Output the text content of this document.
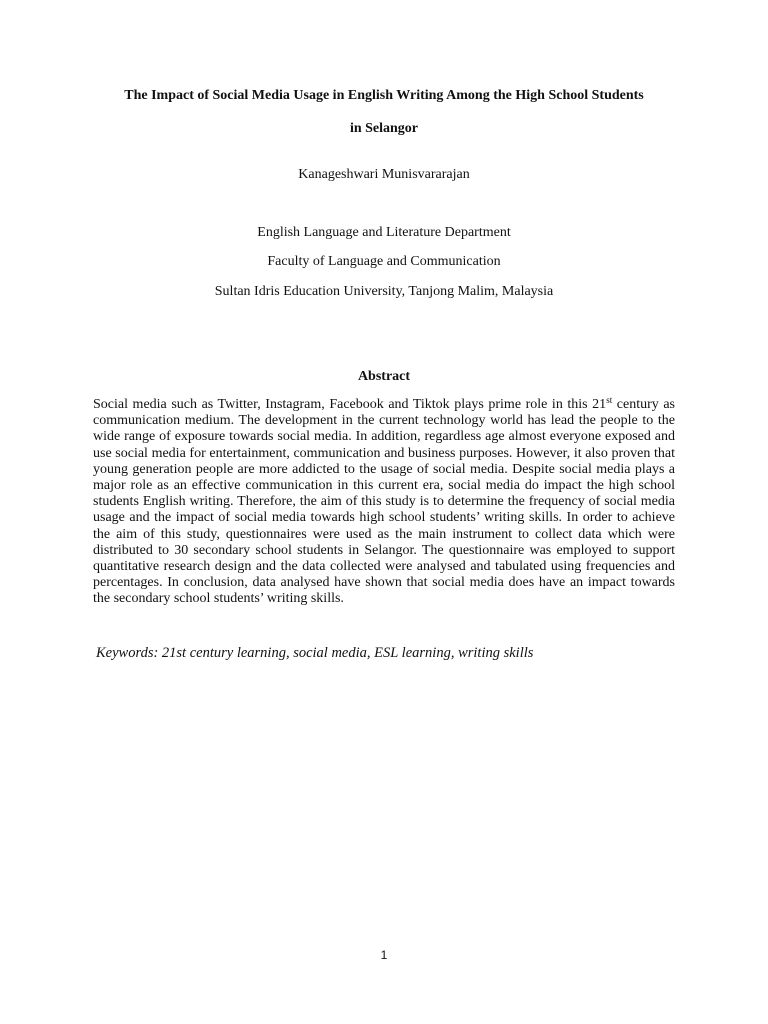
The Impact of Social Media Usage in English Writing Among the High School Students
in Selangor
Kanageshwari Munisvararajan
English Language and Literature Department
Faculty of Language and Communication
Sultan Idris Education University, Tanjong Malim, Malaysia
Abstract
Social media such as Twitter, Instagram, Facebook and Tiktok plays prime role in this 21st century as communication medium. The development in the current technology world has lead the people to the wide range of exposure towards social media. In addition, regardless age almost everyone exposed and use social media for entertainment, communication and business purposes. However, it also proven that young generation people are more addicted to the usage of social media. Despite social media plays a major role as an effective communication in this current era, social media do impact the high school students English writing. Therefore, the aim of this study is to determine the frequency of social media usage and the impact of social media towards high school students’ writing skills. In order to achieve the aim of this study, questionnaires were used as the main instrument to collect data which were distributed to 30 secondary school students in Selangor. The questionnaire was employed to support quantitative research design and the data collected were analysed and tabulated using frequencies and percentages. In conclusion, data analysed have shown that social media does have an impact towards the secondary school students’ writing skills.
Keywords: 21st century learning, social media, ESL learning, writing skills
1
